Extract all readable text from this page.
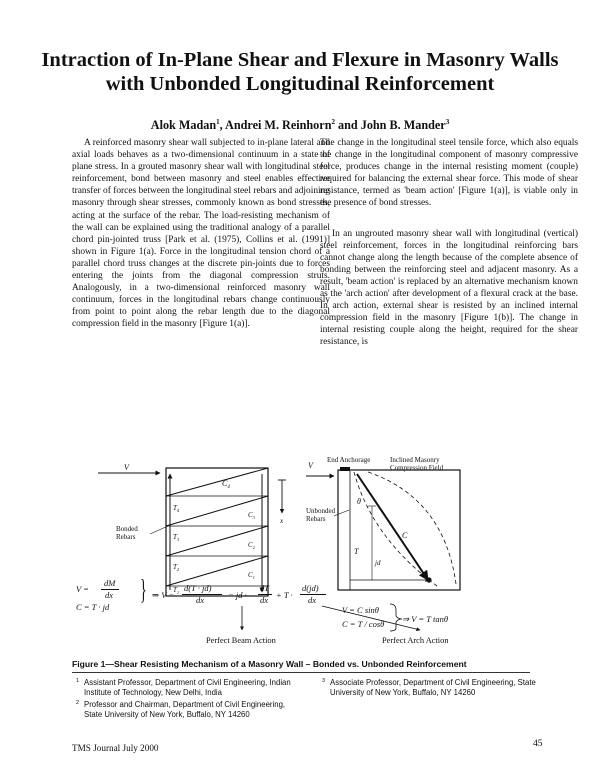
Intraction of In-Plane Shear and Flexure in Masonry Walls
with Unbonded Longitudinal Reinforcement
Alok Madan$^1$, Andrei M. Reinhorn$^2$ and John B. Mander$^3$

A reinforced masonry shear wall subjected to in-plane lateral and axial loads behaves as a two-dimensional continuum in a state of plane stress. In a grouted masonry shear wall with longitudinal steel reinforcement, bond between masonry and steel enables effective transfer of forces between the longitudinal steel rebars and adjoining masonry through shear stresses, commonly known as bond stresses, acting at the surface of the rebar. The load-resisting mechanism of the wall can be explained using the traditional analogy of a parallel chord pin-jointed truss [Park et al. (1975), Collins et al. (1991)] shown in Figure 1(a). Force in the longitudinal tension chord of a parallel chord truss changes at the discrete pin-joints due to forces entering the joints from the diagonal compression struts. Analogously, in a two-dimensional reinforced masonry wall continuum, forces in the longitudinal rebars change continuously from point to point along the rebar length due to the diagonal compression field in the masonry [Figure 1(a)].

The change in the longitudinal steel tensile force, which also equals the change in the longitudinal component of masonry compressive force, produces change in the internal resisting moment (couple) required for balancing the external shear force. This mode of shear resistance, termed as 'beam action' [Figure 1(a)], is viable only in the presence of bond stresses.

In an ungrouted masonry shear wall with longitudinal (vertical) steel reinforcement, forces in the longitudinal reinforcing bars cannot change along the length because of the complete absence of bonding between the reinforcing steel and adjacent masonry. As a result, 'beam action' is replaced by an alternative mechanism known as the 'arch action' after development of a flexural crack at the base. In arch action, external shear is resisted by an inclined internal compression field in the masonry [Figure 1(b)]. The change in internal resisting couple along the height, required for the shear resistance, is

V
Bonded
Rebars
$C_4$
$T_4$
$T_3$
$T_2$
$T_1$
$C_3$
$C_2$
$C_1$
x
V
End Anchorage	Inclined Masonry
Compression Field
Unbonded
Rebars
θ
C
T
jd
V = C sinθ
C = T / cosθ ⇒ V = T tanθ
V =
dM
dx
C = T · jd
} ⇒ V =
d(T · jd)
dx	= jd ·
dT
dx + T ·
d(jd)
dx
Perfect Beam Action	Perfect Arch Action
Figure 1—Shear Resisting Mechanism of a Masonry Wall – Bonded vs. Unbonded Reinforcement
1 Assistant Professor, Department of Civil Engineering, Indian Institute of Technology, New Delhi, India
2 Professor and Chairman, Department of Civil Engineering, State University of New York, Buffalo, NY 14260
3 Associate Professor, Department of Civil Engineering, State University of New York, Buffalo, NY 14260
TMS Journal July 2000	45
